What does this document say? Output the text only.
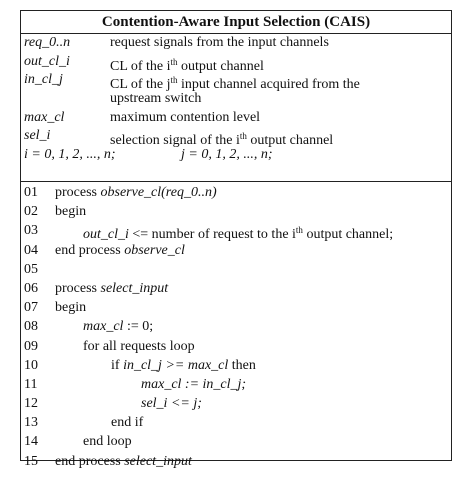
Contention-Aware Input Selection (CAIS)
req_0..n	request signals from the input channels
out_cl_i	CL of the $i^{th}$ output channel
in_cl_j	CL of the $j^{th}$ input channel acquired from the
upstream switch
max_cl	maximum contention level
sel_i	selection signal of the $i^{th}$ output channel
i = 0, 1, 2, ..., n;	j = 0, 1, 2, ..., n;
01 process observe_cl(req_0..n)
02 begin
03	out_cl_i <= number of request to the $i^{th}$ output channel;
04 end process observe_cl
05
06 process select_input
07 begin
08	max_cl := 0;
09	for all requests loop
10	if in_cl_j >= max_cl then
11	max_cl := in_cl_j;
12	sel_i <= j;
13	end if
14	end loop
15 end process select_input
